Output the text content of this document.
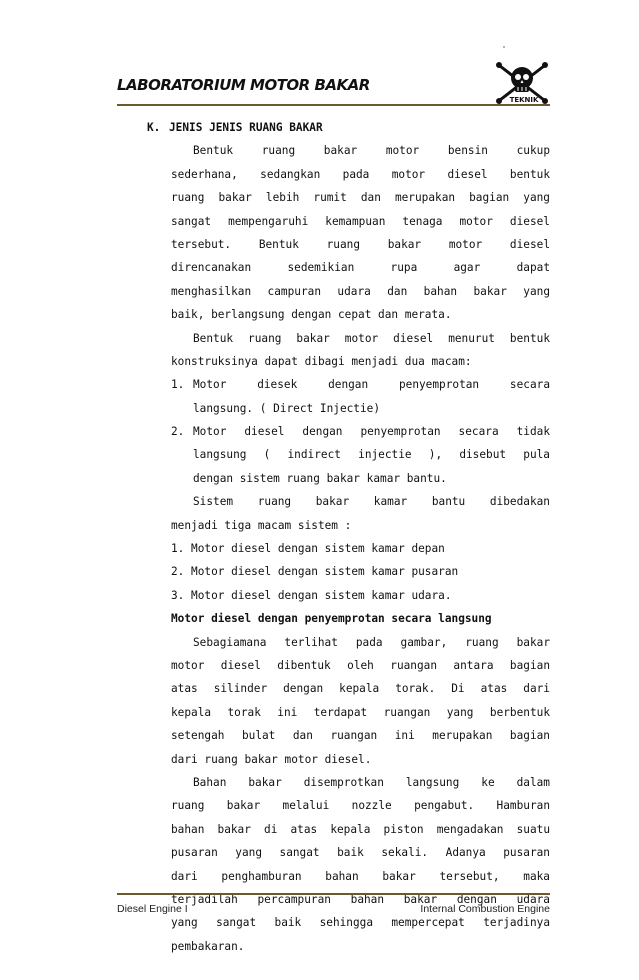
LABORATORIUM MOTOR BAKAR
TEKNIK
K. JENIS JENIS RUANG BAKAR
Bentuk ruang bakar motor bensin cukup
sederhana, sedangkan pada motor diesel bentuk
ruang bakar lebih rumit dan merupakan bagian yang
sangat mempengaruhi kemampuan tenaga motor diesel
tersebut. Bentuk ruang bakar motor diesel
direncanakan sedemikian rupa agar dapat
menghasilkan campuran udara dan bahan bakar yang
baik, berlangsung dengan cepat dan merata.
Bentuk ruang bakar motor diesel menurut bentuk
konstruksinya dapat dibagi menjadi dua macam:
1. Motor diesek dengan penyemprotan secara
langsung. ( Direct Injectie)
2. Motor diesel dengan penyemprotan secara tidak
langsung ( indirect injectie ), disebut pula
dengan sistem ruang bakar kamar bantu.
Sistem ruang bakar kamar bantu dibedakan
menjadi tiga macam sistem :
1. Motor diesel dengan sistem kamar depan
2. Motor diesel dengan sistem kamar pusaran
3. Motor diesel dengan sistem kamar udara.
Motor diesel dengan penyemprotan secara langsung
Sebagiamana terlihat pada gambar, ruang bakar
motor diesel dibentuk oleh ruangan antara bagian
atas silinder dengan kepala torak. Di atas dari
kepala torak ini terdapat ruangan yang berbentuk
setengah bulat dan ruangan ini merupakan bagian
dari ruang bakar motor diesel.
Bahan bakar disemprotkan langsung ke dalam
ruang bakar melalui nozzle pengabut. Hamburan
bahan bakar di atas kepala piston mengadakan suatu
pusaran yang sangat baik sekali. Adanya pusaran
dari penghamburan bahan bakar tersebut, maka
terjadilah percampuran bahan bakar dengan udara
yang sangat baik sehingga mempercepat terjadinya
pembakaran.
Diesel Engine I	Internal Combustion Engine
